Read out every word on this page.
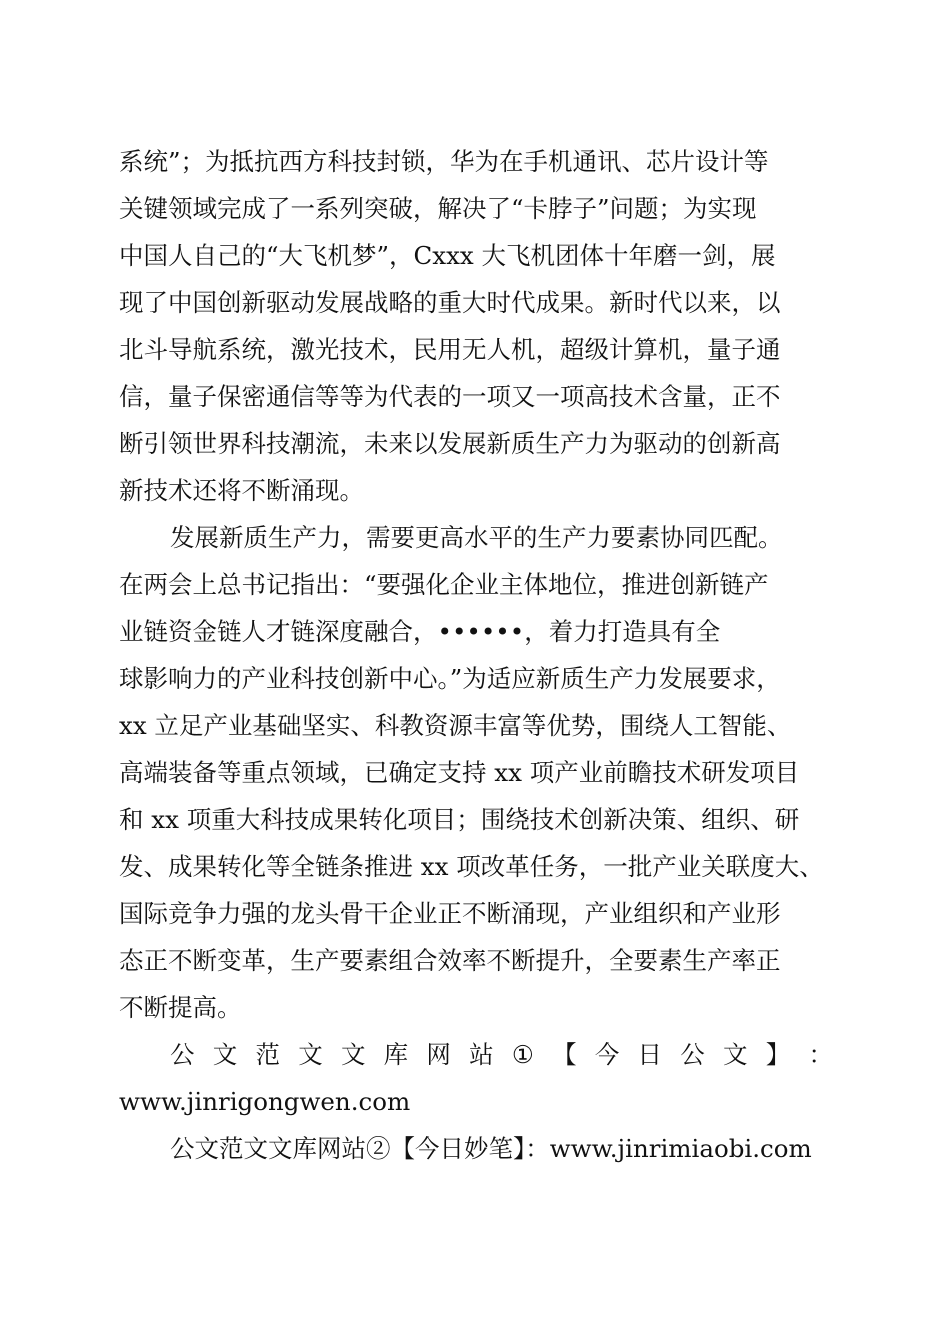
系统”；为抵抗西方科技封锁，华为在手机通讯、芯片设计等
关键领域完成了一系列突破，解决了“卡脖子”问题；为实现
中国人自己的“大飞机梦”，Cxxx 大飞机团体十年磨一剑，展
现了中国创新驱动发展战略的重大时代成果。新时代以来，以
北斗导航系统，激光技术，民用无人机，超级计算机，量子通
信，量子保密通信等等为代表的一项又一项高技术含量，正不
断引领世界科技潮流，未来以发展新质生产力为驱动的创新高
新技术还将不断涌现。
发展新质生产力，需要更高水平的生产力要素协同匹配。
在两会上总书记指出：“要强化企业主体地位，推进创新链产
业链资金链人才链深度融合，••••••，着力打造具有全
球影响力的产业科技创新中心。”为适应新质生产力发展要求，
xx 立足产业基础坚实、科教资源丰富等优势，围绕人工智能、
高端装备等重点领域，已确定支持 xx 项产业前瞻技术研发项目
和 xx 项重大科技成果转化项目；围绕技术创新决策、组织、研
发、成果转化等全链条推进 xx 项改革任务，一批产业关联度大、
国际竞争力强的龙头骨干企业正不断涌现，产业组织和产业形
态正不断变革，生产要素组合效率不断提升，全要素生产率正
不断提高。
公 文 范 文 文 库 网 站 ① 【 今 日 公 文 】 ：
www.jinrigongwen.com
公文范文文库网站②【今日妙笔】：www.jinrimiaobi.com
